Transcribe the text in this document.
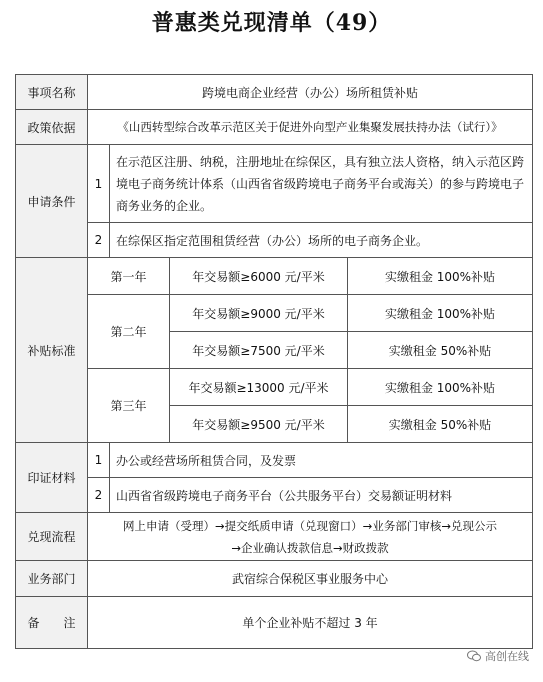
普惠类兑现清单（49）
事项名称	跨境电商企业经营（办公）场所租赁补贴			
政策依据	《山西转型综合改革示范区关于促进外向型产业集聚发展扶持办法（试行）》			
申请条件	1	在示范区注册、纳税，注册地址在综保区，具有独立法人资格，纳入示范区跨境电子商务统计体系（山西省省级跨境电子商务平台或海关）的参与跨境电子商务业务的企业。		
	2	在综保区指定范围租赁经营（办公）场所的电子商务企业。		
补贴标准	第一年		年交易额≥6000 元/平米	实缴租金 100%补贴
	第二年		年交易额≥9000 元/平米	实缴租金 100%补贴
			年交易额≥7500 元/平米	实缴租金 50%补贴
	第三年		年交易额≥13000 元/平米	实缴租金 100%补贴
			年交易额≥9500 元/平米	实缴租金 50%补贴
印证材料	1	办公或经营场所租赁合同，及发票		
	2	山西省省级跨境电子商务平台（公共服务平台）交易额证明材料		
兑现流程	网上申请（受理）→提交纸质申请（兑现窗口）→业务部门审核→兑现公示
→企业确认拨款信息→财政拨款			

业务部门	武宿综合保税区事业服务中心			
备　　注	单个企业补贴不超过 3 年			
高创在线
